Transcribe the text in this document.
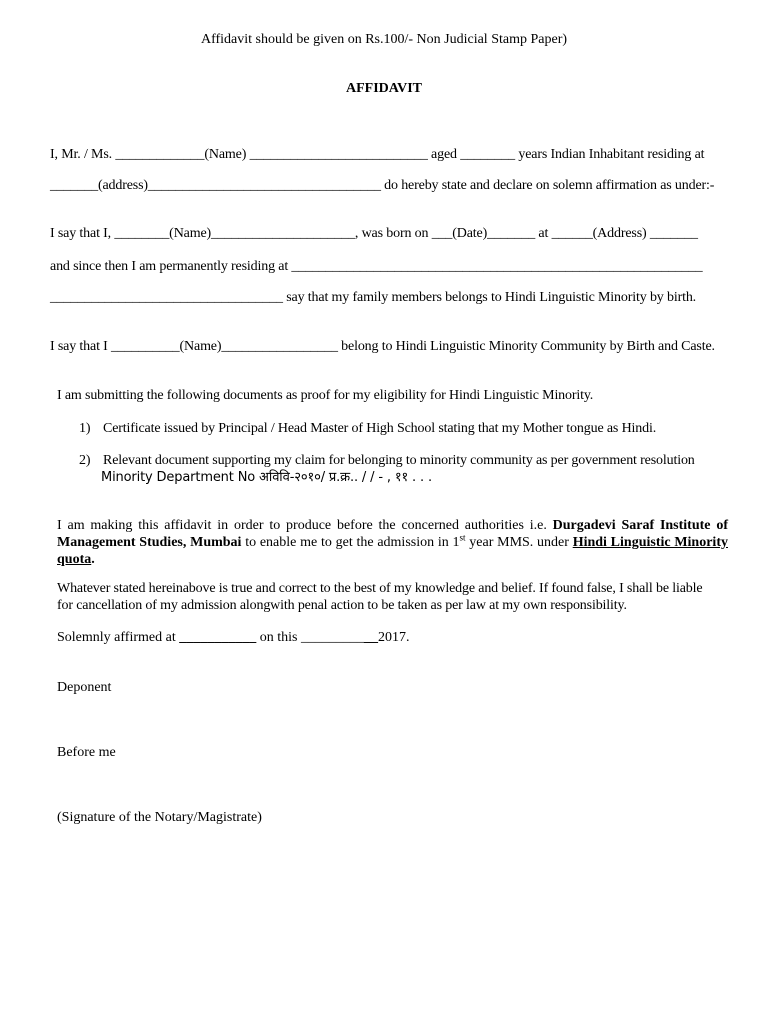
Affidavit should be given on Rs.100/- Non Judicial Stamp Paper)
AFFIDAVIT
I, Mr. / Ms. _____________(Name) __________________________ aged ________ years Indian Inhabitant residing at
_______(address)__________________________________ do hereby state and declare on solemn affirmation as under:-
I say that I, ________(Name)_____________________, was born on ___(Date)_______ at ______(Address) _______
and since then I am permanently residing at ____________________________________________________________
__________________________________ say that my family members belongs to Hindi Linguistic Minority by birth.
I say that I __________(Name)_________________ belong to Hindi Linguistic Minority Community by Birth and Caste.
I am submitting the following documents as proof for my eligibility for Hindi Linguistic Minority.
1) Certificate issued by Principal / Head Master of High School stating that my Mother tongue as Hindi.
2) Relevant document supporting my claim for belonging to minority community as per government resolution
Minority Department No अविवि-२०१०/ प्र.क्र.. / / - , ११ . . .
I am making this affidavit in order to produce before the concerned authorities i.e. Durgadevi Saraf Institute of Management Studies, Mumbai to enable me to get the admission in 1st year MMS. under Hindi Linguistic Minority quota.
Whatever stated hereinabove is true and correct to the best of my knowledge and belief. If found false, I shall be liable
for cancellation of my admission alongwith penal action to be taken as per law at my own responsibility.
Solemnly affirmed at ___________ on this ___________2017.
Deponent
Before me
(Signature of the Notary/Magistrate)
